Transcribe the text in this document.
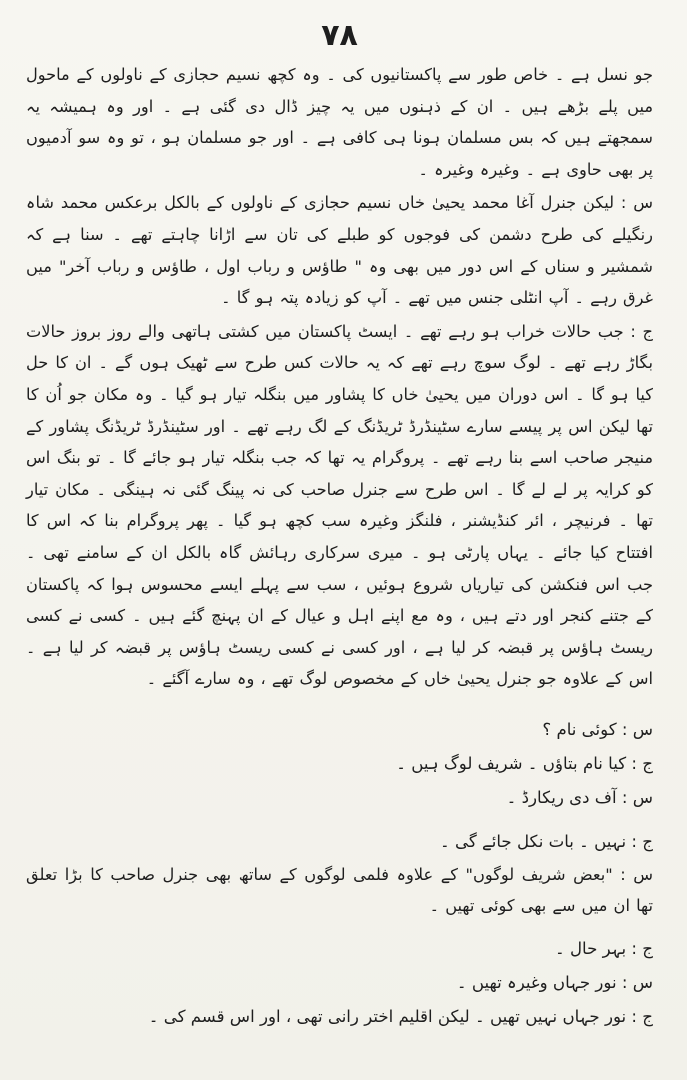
۷۸

جو نسل ہے ۔ خاص طور سے پاکستانیوں کی ۔ وہ کچھ نسیم حجازی کے ناولوں کے ماحول میں پلے بڑھے ہیں ۔ ان کے ذہنوں میں یہ چیز ڈال دی گئی ہے ۔ اور وہ ہمیشہ یہ سمجھتے ہیں کہ بس مسلمان ہونا ہی کافی ہے ۔ اور جو مسلمان ہو ، تو وہ سو آدمیوں پر بھی حاوی ہے ۔ وغیرہ وغیرہ ۔

س : لیکن جنرل آغا محمد یحییٰ خاں نسیم حجازی کے ناولوں کے بالکل برعکس محمد شاہ رنگیلے کی طرح دشمن کی فوجوں کو طبلے کی تان سے اڑانا چاہتے تھے ۔ سنا ہے کہ شمشیر و سناں کے اس دور میں بھی وہ " طاؤس و رباب اول ، طاؤس و رباب آخر" میں غرق رہے ۔ آپ انٹلی جنس میں تھے ۔ آپ کو زیادہ پتہ ہو گا ۔

ج : جب حالات خراب ہو رہے تھے ۔ ایسٹ پاکستان میں کشتی ہاتھی والے روز بروز حالات بگاڑ رہے تھے ۔ لوگ سوچ رہے تھے کہ یہ حالات کس طرح سے ٹھیک ہوں گے ۔ ان کا حل کیا ہو گا ۔ اس دوران میں یحییٰ خاں کا پشاور میں بنگلہ تیار ہو گیا ۔ وہ مکان جو اُن کا تھا لیکن اس پر پیسے سارے سٹینڈرڈ ٹریڈنگ کے لگ رہے تھے ۔ اور سٹینڈرڈ ٹریڈنگ پشاور کے منیجر صاحب اسے بنا رہے تھے ۔ پروگرام یہ تھا کہ جب بنگلہ تیار ہو جائے گا ۔ تو بنگ اس کو کرایہ پر لے لے گا ۔ اس طرح سے جنرل صاحب کی نہ پینگ گئی نہ ہینگی ۔ مکان تیار تھا ۔ فرنیچر ، ائر کنڈیشنر ، فلنگز وغیرہ سب کچھ ہو گیا ۔ پھر پروگرام بنا کہ اس کا افتتاح کیا جائے ۔ یہاں پارٹی ہو ۔ میری سرکاری رہائش گاہ بالکل ان کے سامنے تھی ۔ جب اس فنکشن کی تیاریاں شروع ہوئیں ، سب سے پہلے ایسے محسوس ہوا کہ پاکستان کے جتنے کنجر اور دتے ہیں ، وہ مع اپنے اہل و عیال کے ان پہنچ گئے ہیں ۔ کسی نے کسی ریسٹ ہاؤس پر قبضہ کر لیا ہے ، اور کسی نے کسی ریسٹ ہاؤس پر قبضہ کر لیا ہے ۔ اس کے علاوہ جو جنرل یحییٰ خاں کے مخصوص لوگ تھے ، وہ سارے آگئے ۔

س : کوئی نام ؟

ج : کیا نام بتاؤں ۔ شریف لوگ ہیں ۔

س : آف دی ریکارڈ ۔

ج : نہیں ۔ بات نکل جائے گی ۔

س : "بعض شریف لوگوں" کے علاوہ فلمی لوگوں کے ساتھ بھی جنرل صاحب کا بڑا تعلق تھا ان میں سے بھی کوئی تھیں ۔

ج : بہر حال ۔

س : نور جہاں وغیرہ تھیں ۔

ج : نور جہاں نہیں تھیں ۔ لیکن اقلیم اختر رانی تھی ، اور اس قسم کی ۔
